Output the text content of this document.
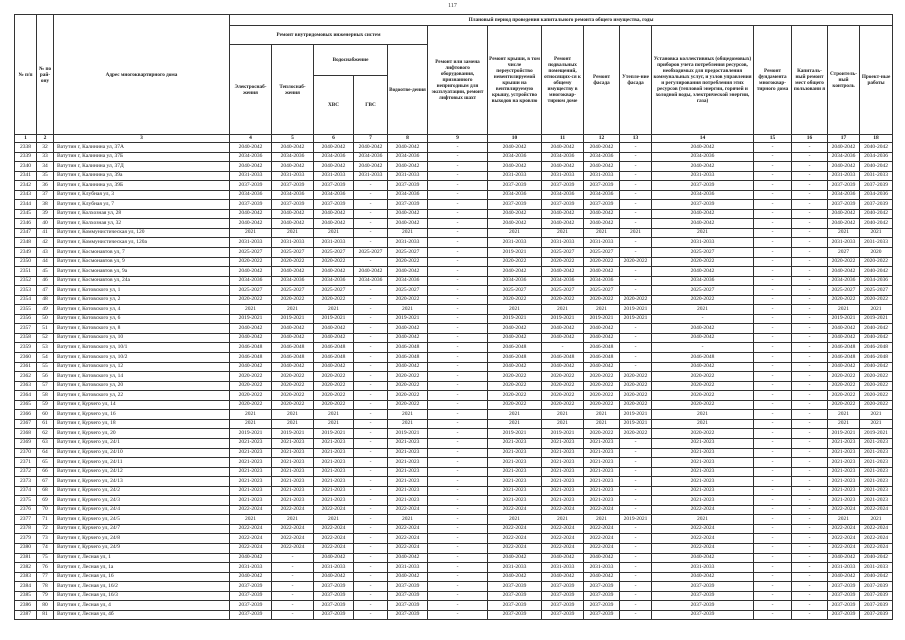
117
№ п/п	№ по рай-ону	Адрес многоквартирного дома	Плановый период проведения капитального ремонта общего имущества, годы														
			Ремонт внутридомовых инженерных систем					Ремонт или замена лифтового оборудования, признанного непригодным для эксплуатации, ремонт лифтовых шахт	Ремонт крыши, в том числе переустройство невентилируемой крыши на вентилируемую крышу, устройство выходов на кровлю	Ремонт подвальных помещений, относящих-ся к общему имуществу в многоквар-тирном доме	Ремонт фасада	Утепле-ние фасада	Установка коллективных (общедомовых) приборов учета потребления ресурсов, необходимых для предоставления коммунальных услуг, и узлов управления и регулирования потребления этих ресурсов (тепловой энергии, горячей и холодной воды, электрической энергии, газа)	Ремонт фундамента многоквар-тирного дома	Капиталь-ный ремонт мест общего пользовани я	Строитель-ный контроль	Проект-ные работы
			Электроснаб-жения	Теплоснаб-жения	Водоснабжение
ХВС ГВС		Водоотве-дения										
1	2	3	4	5	6	7	8	9	10	11	12	13	14	15	16	17	18
2338	32	Ватутин г, Калинина ул, 37А	2040-2042	2040-2042	2040-2042	2040-2042	2040-2042	-	2040-2042	2040-2042	2040-2042	-	2040-2042	-	-	2040-2042	2040-2042
2339	33	Ватутин г, Калинина ул, 37Б	2034-2036	2034-2036	2034-2036	2034-2036	2034-2036	-	2034-2036	2034-2036	2034-2036	-	2034-2036	-	-	2034-2036	2034-2036
2340	34	Ватутин г, Калинина ул, 37Д	2040-2042	2040-2042	2040-2042	2040-2042	2040-2042	-	2040-2042	2040-2042	2040-2042	-	2040-2042	-	-	2040-2042	2040-2042
2341	35	Ватутин г, Калинина ул, 39а	2031-2033	2031-2033	2031-2033	2031-2033	2031-2033	-	2031-2033	2031-2033	2031-2033	-	2031-2033	-	-	2031-2033	2031-2033
2342	36	Ватутин г, Калинина ул, 39Б	2037-2039	2037-2039	2037-2039	-	2037-2039	-	2037-2039	2037-2039	2037-2039	-	2037-2039	-	-	2037-2039	2037-2039
2343	37	Ватутин г, Клубная ул, 3	2034-2036	2034-2036	2034-2036	-	2034-2036	-	2034-2036	2034-2036	2034-2036	-	2034-2036	-	-	2034-2036	2034-2036
2344	38	Ватутин г, Клубная ул, 7	2037-2039	2037-2039	2037-2039	-	2037-2039	-	2037-2039	2037-2039	2037-2039	-	2037-2039	-	-	2037-2039	2037-2039
2345	39	Ватутин г, Колхозная ул, 28	2040-2042	2040-2042	2040-2042	-	2040-2042	-	2040-2042	2040-2042	2040-2042	-	2040-2042	-	-	2040-2042	2040-2042
2346	40	Ватутин г, Колхозная ул, 32	2040-2042	2040-2042	2040-2042	-	2040-2042	-	2040-2042	2040-2042	2040-2042	-	2040-2042	-	-	2040-2042	2040-2042
2347	41	Ватутин г, Коммунистическая ул, 120	2021	2021	2021	-	2021	-	2021	2021	2021	2021	2021	-	-	2021	2021
2348	42	Ватутин г, Коммунистическая ул, 120а	2031-2033	2031-2033	2031-2033	-	2031-2033	-	2031-2033	2031-2033	2031-2033	-	2031-2033	-	-	2031-2033	2031-2033
2349	43	Ватутин г, Космонавтов ул, 7	2025-2027	2025-2027	2025-2027	2025-2027	2025-2027	-	2019-2021	2025-2027	2025-2027	-	2025-2027	-	-	2027	2020
2350	44	Ватутин г, Космонавтов ул, 9	2020-2022	2020-2022	2020-2022	-	2020-2022	-	2020-2022	2020-2022	2020-2022	2020-2022	2020-2022	-	-	2020-2022	2020-2022
2351	45	Ватутин г, Космонавтов ул, 9а	2040-2042	2040-2042	2040-2042	2040-2042	2040-2042	-	2040-2042	2040-2042	2040-2042	-	2040-2042	-	-	2040-2042	2040-2042
2352	46	Ватутин г, Космонавтов ул, 24а	2034-2036	2034-2036	2034-2036	2034-2036	2034-2036	-	2034-2036	2034-2036	2034-2036	-	2034-2036	-	-	2034-2036	2034-2036
2353	47	Ватутин г, Котовского ул, 1	2025-2027	2025-2027	2025-2027	-	2025-2027	-	2025-2027	2025-2027	2025-2027	-	2025-2027	-	-	2025-2027	2025-2027
2354	48	Ватутин г, Котовского ул, 2	2020-2022	2020-2022	2020-2022	-	2020-2022	-	2020-2022	2020-2022	2020-2022	2020-2022	2020-2022	-	-	2020-2022	2020-2022
2355	49	Ватутин г, Котовского ул, 4	2021	2021	2021	-	2021	-	2021	2021	2021	2019-2021	2021	-	-	2021	2021
2356	50	Ватутин г, Котовского ул, 6	2019-2021	2019-2021	2019-2021	-	2019-2021	-	2019-2021	2019-2021	2019-2021	2019-2021	-	-	-	2019-2021	2019-2021
2357	51	Ватутин г, Котовского ул, 8	2040-2042	2040-2042	2040-2042	-	2040-2042	-	2040-2042	2040-2042	2040-2042	-	2040-2042	-	-	2040-2042	2040-2042
2358	52	Ватутин г, Котовского ул, 10	2040-2042	2040-2042	2040-2042	-	2040-2042	-	2040-2042	2040-2042	2040-2042	-	2040-2042	-	-	2040-2042	2040-2042
2359	53	Ватутин г, Котовского ул, 10/1	2046-2048	2046-2048	2046-2048	-	2046-2048	-	2046-2048	-	2046-2048	-	-	-	-	2046-2048	2046-2048
2360	54	Ватутин г, Котовского ул, 10/2	2046-2048	2046-2048	2046-2048	-	2046-2048	-	2046-2048	2046-2048	2046-2048	-	2046-2048	-	-	2046-2048	2046-2048
2361	55	Ватутин г, Котовского ул, 12	2040-2042	2040-2042	2040-2042	-	2040-2042	-	2040-2042	2040-2042	2040-2042	-	2040-2042	-	-	2040-2042	2040-2042
2362	56	Ватутин г, Котовского ул, 14	2020-2022	2020-2022	2020-2022	-	2020-2022	-	2020-2022	2020-2022	2020-2022	2020-2022	2020-2022	-	-	2020-2022	2020-2022
2363	57	Ватутин г, Котовского ул, 20	2020-2022	2020-2022	2020-2022	-	2020-2022	-	2020-2022	2020-2022	2020-2022	2020-2022	2020-2022	-	-	2020-2022	2020-2022
2364	58	Ватутин г, Котовского ул, 22	2020-2022	2020-2022	2020-2022	-	2020-2022	-	2020-2022	2020-2022	2020-2022	2020-2022	2020-2022	-	-	2020-2022	2020-2022
2365	59	Ватутин г, Курчего ул, 14	2020-2022	2020-2022	2020-2022	-	2020-2022	-	2020-2022	2020-2022	2020-2022	2020-2022	2020-2022	-	-	2020-2022	2020-2022
2366	60	Ватутин г, Курчего ул, 16	2021	2021	2021	-	2021	-	2021	2021	2021	2019-2021	2021	-	-	2021	2021
2367	61	Ватутин г, Курчего ул, 18	2021	2021	2021	-	2021	-	2021	2021	2021	2019-2021	2021	-	-	2021	2021
2368	62	Ватутин г, Курчего ул, 20	2019-2021	2019-2021	2019-2021	-	2019-2021	-	2019-2021	2019-2021	2020-2022	2020-2022	2020-2022	-	-	2019-2021	2019-2021
2369	63	Ватутин г, Курчего ул, 24/1	2021-2023	2021-2023	2021-2023	-	2021-2023	-	2021-2023	2021-2023	2021-2023	-	2021-2023	-	-	2021-2023	2021-2023
2370	64	Ватутин г, Курчего ул, 24/10	2021-2023	2021-2023	2021-2023	-	2021-2023	-	2021-2023	2021-2023	2021-2023	-	2021-2023	-	-	2021-2023	2021-2023
2371	65	Ватутин г, Курчего ул, 24/11	2021-2023	2021-2023	2021-2023	-	2021-2023	-	2021-2023	2021-2023	2021-2023	-	2021-2023	-	-	2021-2023	2021-2023
2372	66	Ватутин г, Курчего ул, 24/12	2021-2023	2021-2023	2021-2023	-	2021-2023	-	2021-2023	2021-2023	2021-2023	-	2021-2023	-	-	2021-2023	2021-2023
2373	67	Ватутин г, Курчего ул, 24/13	2021-2023	2021-2023	2021-2023	-	2021-2023	-	2021-2023	2021-2023	2021-2023	-	2021-2023	-	-	2021-2023	2021-2023
2374	68	Ватутин г, Курчего ул, 24/2	2021-2023	2021-2023	2021-2023	-	2021-2023	-	2021-2023	2021-2023	2021-2023	-	2021-2023	-	-	2021-2023	2021-2023
2375	69	Ватутин г, Курчего ул, 24/3	2021-2023	2021-2023	2021-2023	-	2021-2023	-	2021-2023	2021-2023	2021-2023	-	2021-2023	-	-	2021-2023	2021-2023
2376	70	Ватутин г, Курчего ул, 24/4	2022-2024	2022-2024	2022-2024	-	2022-2024	-	2022-2024	2022-2024	2022-2024	-	2022-2024	-	-	2022-2024	2022-2024
2377	71	Ватутин г, Курчего ул, 24/5	2021	2021	2021	-	2021	-	2021	2021	2021	2019-2021	2021	-	-	2021	2021
2378	72	Ватутин г, Курчего ул, 24/7	2022-2024	2022-2024	2022-2024	-	2022-2024	-	2022-2024	2022-2024	2022-2024	-	2022-2024	-	-	2022-2024	2022-2024
2379	73	Ватутин г, Курчего ул, 24/8	2022-2024	2022-2024	2022-2024	-	2022-2024	-	2022-2024	2022-2024	2022-2024	-	2022-2024	-	-	2022-2024	2022-2024
2380	74	Ватутин г, Курчего ул, 24/9	2022-2024	2022-2024	2022-2024	-	2022-2024	-	2022-2024	2022-2024	2022-2024	-	2022-2024	-	-	2022-2024	2022-2024
2381	75	Ватутин г, Лесная ул, 1	2040-2042	-	2040-2042	-	2040-2042	-	2040-2042	2040-2042	2040-2042	-	2040-2042	-	-	2040-2042	2040-2042
2382	76	Ватутин г, Лесная ул, 1а	2031-2033	-	2031-2033	-	2031-2033	-	2031-2033	2031-2033	2031-2033	-	2031-2033	-	-	2031-2033	2031-2033
2383	77	Ватутин г, Лесная ул, 16	2040-2042	-	2040-2042	-	2040-2042	-	2040-2042	2040-2042	2040-2042	-	2040-2042	-	-	2040-2042	2040-2042
2384	78	Ватутин г, Лесная ул, 16/2	2037-2039	-	2037-2039	-	2037-2039	-	2037-2039	2037-2039	2037-2039	-	2037-2039	-	-	2037-2039	2037-2039
2385	79	Ватутин г, Лесная ул, 16/3	2037-2039	-	2037-2039	-	2037-2039	-	2037-2039	2037-2039	2037-2039	-	2037-2039	-	-	2037-2039	2037-2039
2386	80	Ватутин г, Лесная ул, 4	2037-2039	-	2037-2039	-	2037-2039	-	2037-2039	2037-2039	2037-2039	-	2037-2039	-	-	2037-2039	2037-2039
2387	81	Ватутин г, Лесная ул, 4б	2037-2039	-	2037-2039	-	2037-2039	-	2037-2039	2037-2039	2037-2039	-	2037-2039	-	-	2037-2039	2037-2039
